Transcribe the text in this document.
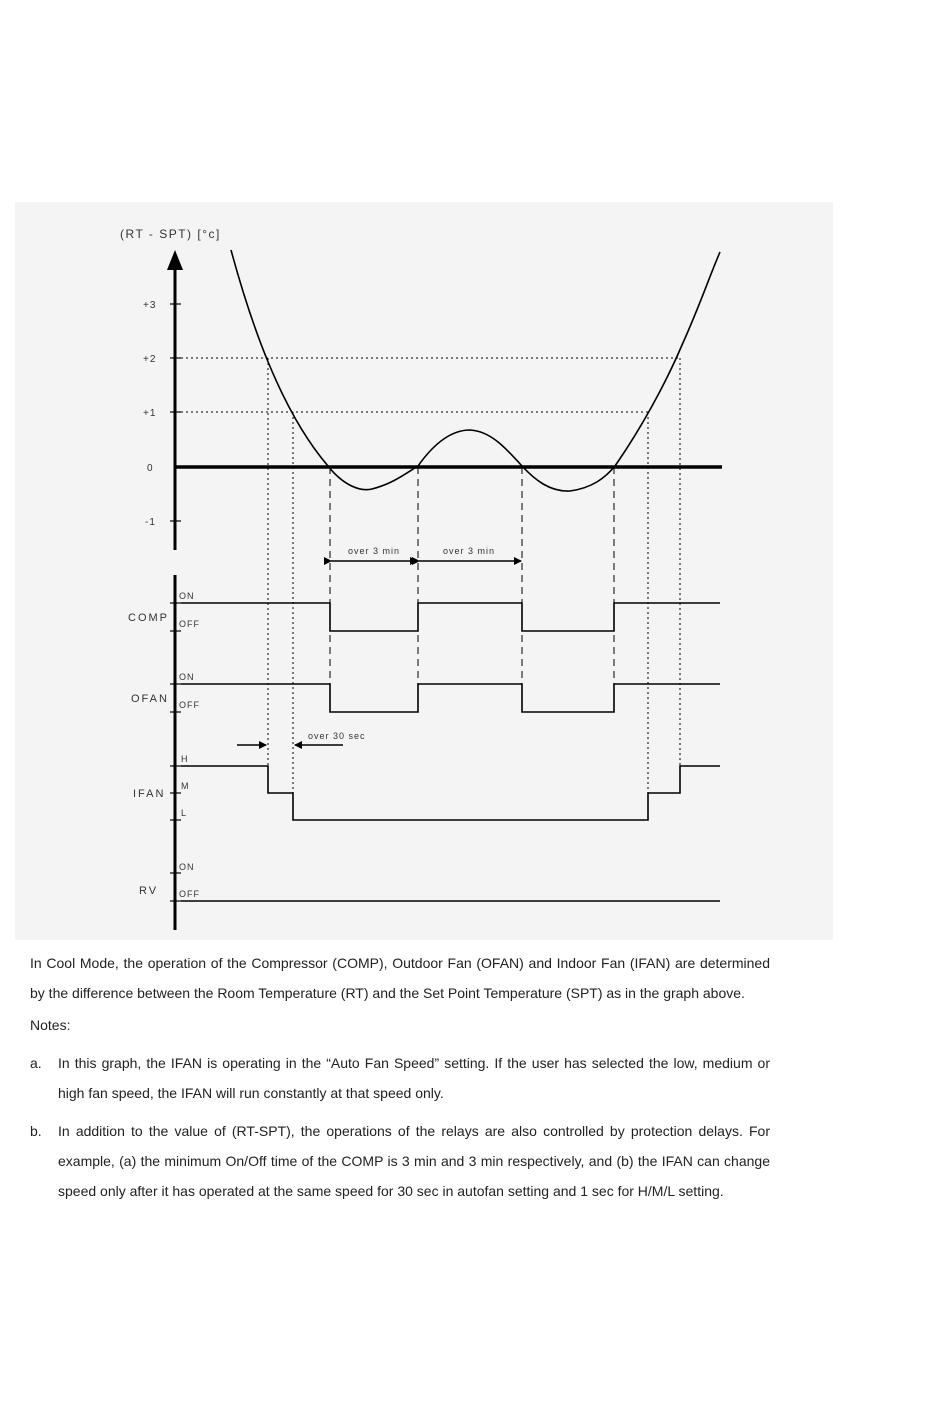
(RT - SPT) [°c]
+3
+2
+1
0
-1
over 3 min	over 3 min
COMP
ON
OFF
OFAN
ON
OFF
over 30 sec
IFAN
H
M
L
RV
ON
OFF

In Cool Mode, the operation of the Compressor (COMP), Outdoor Fan (OFAN) and Indoor Fan (IFAN) are determined by the difference between the Room Temperature (RT) and the Set Point Temperature (SPT) as in the graph above.

Notes:

a.	In this graph, the IFAN is operating in the “Auto Fan Speed” setting. If the user has selected the low, medium or high fan speed, the IFAN will run constantly at that speed only.
b.	In addition to the value of (RT-SPT), the operations of the relays are also controlled by protection delays. For example, (a) the minimum On/Off time of the COMP is 3 min and 3 min respectively, and (b) the IFAN can change speed only after it has operated at the same speed for 30 sec in autofan setting and 1 sec for H/M/L setting.
